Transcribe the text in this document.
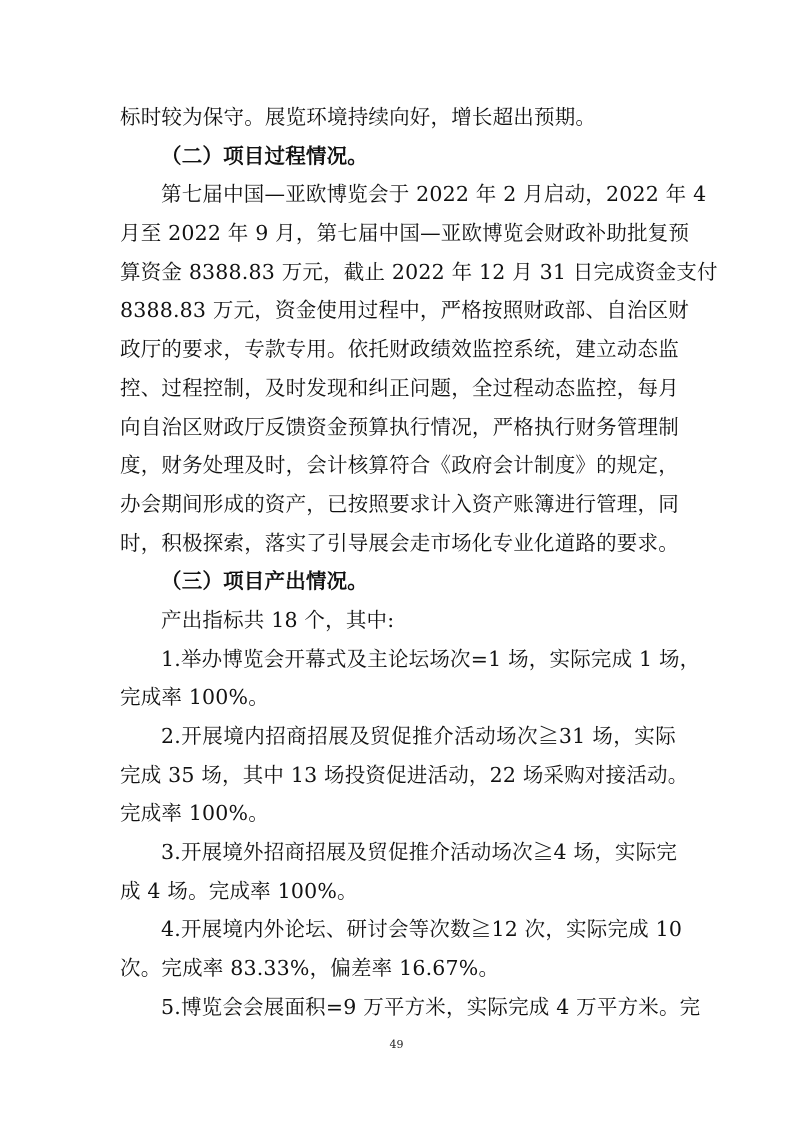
标时较为保守。展览环境持续向好，增长超出预期。
（二）项目过程情况。
第七届中国—亚欧博览会于 2022 年 2 月启动，2022 年 4
月至 2022 年 9 月，第七届中国—亚欧博览会财政补助批复预
算资金 8388.83 万元，截止 2022 年 12 月 31 日完成资金支付
8388.83 万元，资金使用过程中，严格按照财政部、自治区财
政厅的要求，专款专用。依托财政绩效监控系统，建立动态监
控、过程控制，及时发现和纠正问题，全过程动态监控，每月
向自治区财政厅反馈资金预算执行情况，严格执行财务管理制
度，财务处理及时，会计核算符合《政府会计制度》的规定，
办会期间形成的资产，已按照要求计入资产账簿进行管理，同
时，积极探索，落实了引导展会走市场化专业化道路的要求。
（三）项目产出情况。
产出指标共 18 个，其中:
1.举办博览会开幕式及主论坛场次=1 场，实际完成 1 场，
完成率 100%。
2.开展境内招商招展及贸促推介活动场次≧31 场，实际
完成 35 场，其中 13 场投资促进活动，22 场采购对接活动。
完成率 100%。
3.开展境外招商招展及贸促推介活动场次≧4 场，实际完
成 4 场。完成率 100%。
4.开展境内外论坛、研讨会等次数≧12 次，实际完成 10
次。完成率 83.33%，偏差率 16.67%。
5.博览会会展面积=9 万平方米，实际完成 4 万平方米。完
49
